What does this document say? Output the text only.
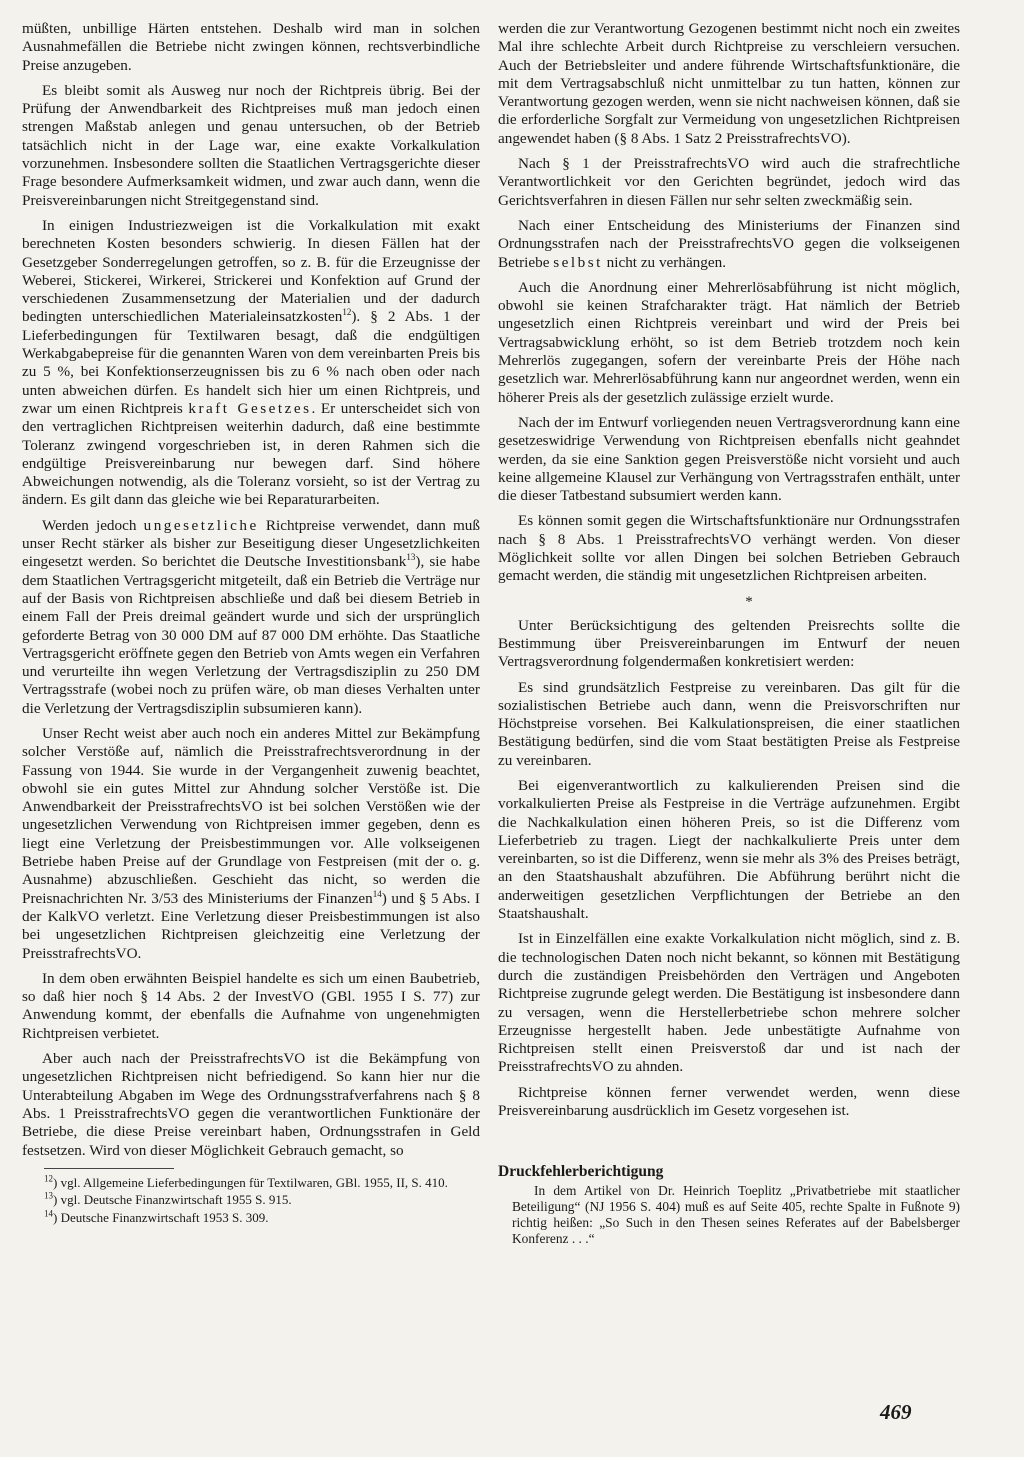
müßten, unbillige Härten entstehen. Deshalb wird man in solchen Ausnahmefällen die Betriebe nicht zwingen können, rechtsverbindliche Preise anzugeben.

Es bleibt somit als Ausweg nur noch der Richtpreis übrig. Bei der Prüfung der Anwendbarkeit des Richtpreises muß man jedoch einen strengen Maßstab anlegen und genau untersuchen, ob der Betrieb tatsächlich nicht in der Lage war, eine exakte Vorkalkulation vorzunehmen. Insbesondere sollten die Staatlichen Vertragsgerichte dieser Frage besondere Aufmerksamkeit widmen, und zwar auch dann, wenn die Preisvereinbarungen nicht Streitgegenstand sind.

In einigen Industriezweigen ist die Vorkalkulation mit exakt berechneten Kosten besonders schwierig. In diesen Fällen hat der Gesetzgeber Sonderregelungen getroffen, so z. B. für die Erzeugnisse der Weberei, Stickerei, Wirkerei, Strickerei und Konfektion auf Grund der verschiedenen Zusammensetzung der Materialien und der dadurch bedingten unterschiedlichen Materialeinsatzkosten$^{12}$). § 2 Abs. 1 der Lieferbedingungen für Textilwaren besagt, daß die endgültigen Werkabgabepreise für die genannten Waren von dem vereinbarten Preis bis zu 5 %, bei Konfektionserzeugnissen bis zu 6 % nach oben oder nach unten abweichen dürfen. Es handelt sich hier um einen Richtpreis, und zwar um einen Richtpreis kraft Gesetzes. Er unterscheidet sich von den vertraglichen Richtpreisen weiterhin dadurch, daß eine bestimmte Toleranz zwingend vorgeschrieben ist, in deren Rahmen sich die endgültige Preisvereinbarung nur bewegen darf. Sind höhere Abweichungen notwendig, als die Toleranz vorsieht, so ist der Vertrag zu ändern. Es gilt dann das gleiche wie bei Reparaturarbeiten.

Werden jedoch ungesetzliche Richtpreise verwendet, dann muß unser Recht stärker als bisher zur Beseitigung dieser Ungesetzlichkeiten eingesetzt werden. So berichtet die Deutsche Investitionsbank$^{13}$), sie habe dem Staatlichen Vertragsgericht mitgeteilt, daß ein Betrieb die Verträge nur auf der Basis von Richtpreisen abschließe und daß bei diesem Betrieb in einem Fall der Preis dreimal geändert wurde und sich der ursprünglich geforderte Betrag von 30 000 DM auf 87 000 DM erhöhte. Das Staatliche Vertragsgericht eröffnete gegen den Betrieb von Amts wegen ein Verfahren und verurteilte ihn wegen Verletzung der Vertragsdisziplin zu 250 DM Vertragsstrafe (wobei noch zu prüfen wäre, ob man dieses Verhalten unter die Verletzung der Vertragsdisziplin subsumieren kann).

Unser Recht weist aber auch noch ein anderes Mittel zur Bekämpfung solcher Verstöße auf, nämlich die Preisstrafrechtsverordnung in der Fassung von 1944. Sie wurde in der Vergangenheit zuwenig beachtet, obwohl sie ein gutes Mittel zur Ahndung solcher Verstöße ist. Die Anwendbarkeit der PreisstrafrechtsVO ist bei solchen Verstößen wie der ungesetzlichen Verwendung von Richtpreisen immer gegeben, denn es liegt eine Verletzung der Preisbestimmungen vor. Alle volkseigenen Betriebe haben Preise auf der Grundlage von Festpreisen (mit der o. g. Ausnahme) abzuschließen. Geschieht das nicht, so werden die Preisnachrichten Nr. 3/53 des Ministeriums der Finanzen$^{14}$) und § 5 Abs. I der KalkVO verletzt. Eine Verletzung dieser Preisbestimmungen ist also bei ungesetzlichen Richtpreisen gleichzeitig eine Verletzung der PreisstrafrechtsVO.

In dem oben erwähnten Beispiel handelte es sich um einen Baubetrieb, so daß hier noch § 14 Abs. 2 der InvestVO (GBl. 1955 I S. 77) zur Anwendung kommt, der ebenfalls die Aufnahme von ungenehmigten Richtpreisen verbietet.

Aber auch nach der PreisstrafrechtsVO ist die Bekämpfung von ungesetzlichen Richtpreisen nicht befriedigend. So kann hier nur die Unterabteilung Abgaben im Wege des Ordnungsstrafverfahrens nach § 8 Abs. 1 PreisstrafrechtsVO gegen die verantwortlichen Funktionäre der Betriebe, die diese Preise vereinbart haben, Ordnungsstrafen in Geld festsetzen. Wird von dieser Möglichkeit Gebrauch gemacht, so

$^{12}$) vgl. Allgemeine Lieferbedingungen für Textilwaren, GBl. 1955, II, S. 410.

$^{13}$) vgl. Deutsche Finanzwirtschaft 1955 S. 915.

$^{14}$) Deutsche Finanzwirtschaft 1953 S. 309.

werden die zur Verantwortung Gezogenen bestimmt nicht noch ein zweites Mal ihre schlechte Arbeit durch Richtpreise zu verschleiern versuchen. Auch der Betriebsleiter und andere führende Wirtschaftsfunktionäre, die mit dem Vertragsabschluß nicht unmittelbar zu tun hatten, können zur Verantwortung gezogen werden, wenn sie nicht nachweisen können, daß sie die erforderliche Sorgfalt zur Vermeidung von ungesetzlichen Richtpreisen angewendet haben (§ 8 Abs. 1 Satz 2 PreisstrafrechtsVO).

Nach § 1 der PreisstrafrechtsVO wird auch die strafrechtliche Verantwortlichkeit vor den Gerichten begründet, jedoch wird das Gerichtsverfahren in diesen Fällen nur sehr selten zweckmäßig sein.

Nach einer Entscheidung des Ministeriums der Finanzen sind Ordnungsstrafen nach der PreisstrafrechtsVO gegen die volkseigenen Betriebe selbst nicht zu verhängen.

Auch die Anordnung einer Mehrerlösabführung ist nicht möglich, obwohl sie keinen Strafcharakter trägt. Hat nämlich der Betrieb ungesetzlich einen Richtpreis vereinbart und wird der Preis bei Vertragsabwicklung erhöht, so ist dem Betrieb trotzdem noch kein Mehrerlös zugegangen, sofern der vereinbarte Preis der Höhe nach gesetzlich war. Mehrerlösabführung kann nur angeordnet werden, wenn ein höherer Preis als der gesetzlich zulässige erzielt wurde.

Nach der im Entwurf vorliegenden neuen Vertragsverordnung kann eine gesetzeswidrige Verwendung von Richtpreisen ebenfalls nicht geahndet werden, da sie eine Sanktion gegen Preisverstöße nicht vorsieht und auch keine allgemeine Klausel zur Verhängung von Vertragsstrafen enthält, unter die dieser Tatbestand subsumiert werden kann.

Es können somit gegen die Wirtschaftsfunktionäre nur Ordnungsstrafen nach § 8 Abs. 1 PreisstrafrechtsVO verhängt werden. Von dieser Möglichkeit sollte vor allen Dingen bei solchen Betrieben Gebrauch gemacht werden, die ständig mit ungesetzlichen Richtpreisen arbeiten.

*

Unter Berücksichtigung des geltenden Preisrechts sollte die Bestimmung über Preisvereinbarungen im Entwurf der neuen Vertragsverordnung folgendermaßen konkretisiert werden:

Es sind grundsätzlich Festpreise zu vereinbaren. Das gilt für die sozialistischen Betriebe auch dann, wenn die Preisvorschriften nur Höchstpreise vorsehen. Bei Kalkulationspreisen, die einer staatlichen Bestätigung bedürfen, sind die vom Staat bestätigten Preise als Festpreise zu vereinbaren.

Bei eigenverantwortlich zu kalkulierenden Preisen sind die vorkalkulierten Preise als Festpreise in die Verträge aufzunehmen. Ergibt die Nachkalkulation einen höheren Preis, so ist die Differenz vom Lieferbetrieb zu tragen. Liegt der nachkalkulierte Preis unter dem vereinbarten, so ist die Differenz, wenn sie mehr als 3% des Preises beträgt, an den Staatshaushalt abzuführen. Die Abführung berührt nicht die anderweitigen gesetzlichen Verpflichtungen der Betriebe an den Staatshaushalt.

Ist in Einzelfällen eine exakte Vorkalkulation nicht möglich, sind z. B. die technologischen Daten noch nicht bekannt, so können mit Bestätigung durch die zuständigen Preisbehörden den Verträgen und Angeboten Richtpreise zugrunde gelegt werden. Die Bestätigung ist insbesondere dann zu versagen, wenn die Herstellerbetriebe schon mehrere solcher Erzeugnisse hergestellt haben. Jede unbestätigte Aufnahme von Richtpreisen stellt einen Preisverstoß dar und ist nach der PreisstrafrechtsVO zu ahnden.

Richtpreise können ferner verwendet werden, wenn diese Preisvereinbarung ausdrücklich im Gesetz vorgesehen ist.

Druckfehlerberichtigung

In dem Artikel von Dr. Heinrich Toeplitz „Privatbetriebe mit staatlicher Beteiligung“ (NJ 1956 S. 404) muß es auf Seite 405, rechte Spalte in Fußnote 9) richtig heißen: „So Such in den Thesen seines Referates auf der Babelsberger Konferenz . . .“

469
